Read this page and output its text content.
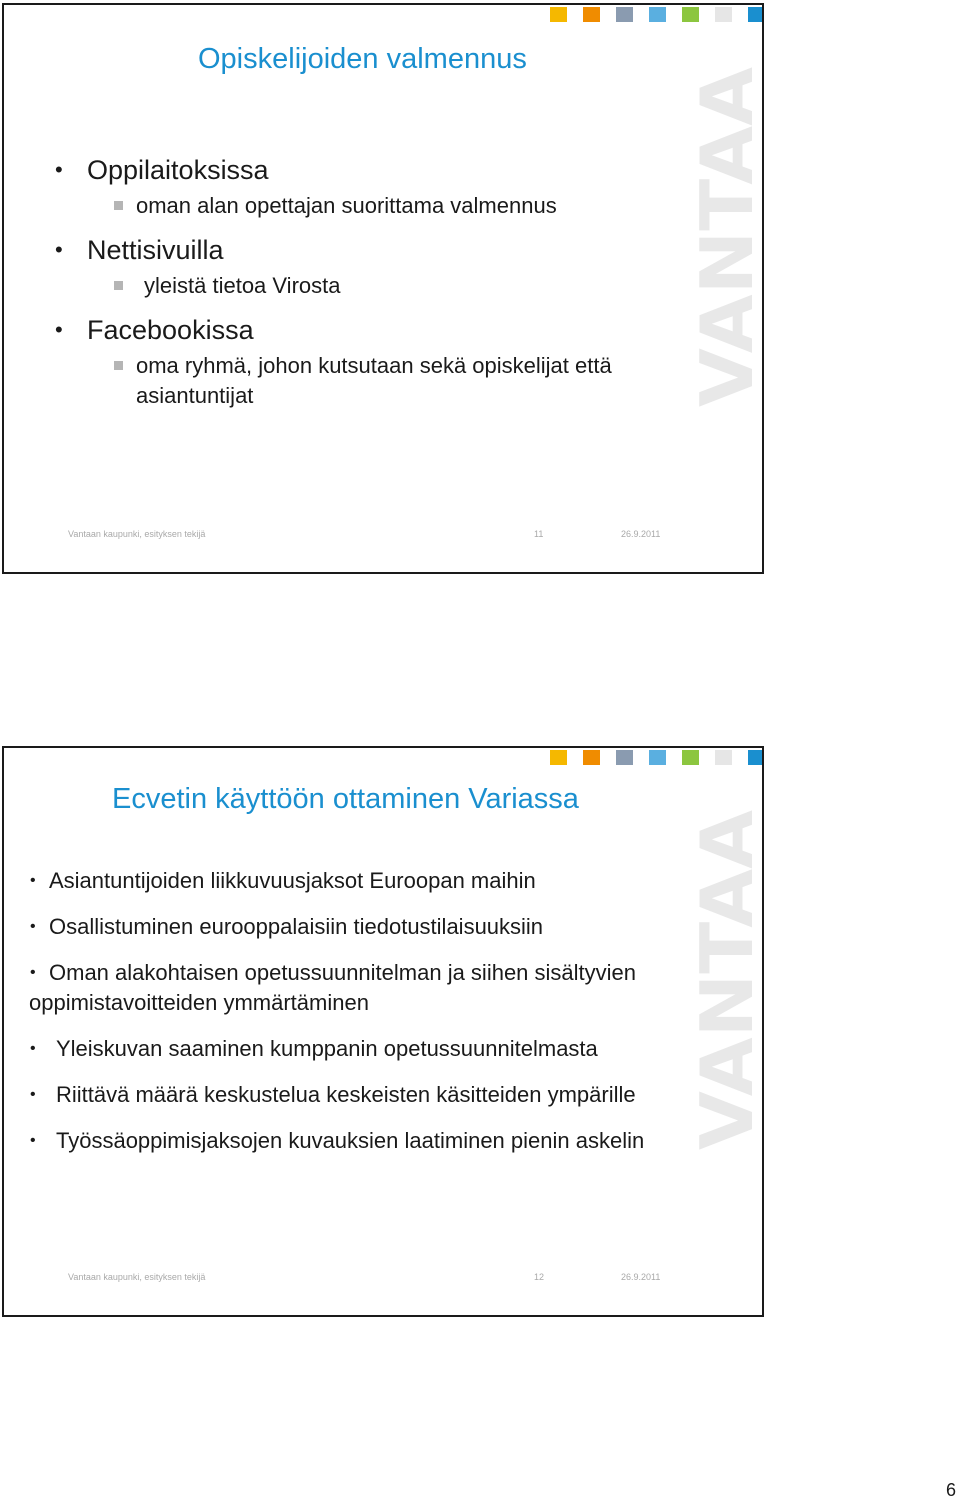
VANTAA
Opiskelijoiden valmennus
• Oppilaitoksissa
oman alan opettajan suorittama valmennus
• Nettisivuilla
yleistä tietoa Virosta
• Facebookissa
oma ryhmä, johon kutsutaan sekä opiskelijat että
asiantuntijat
Vantaan kaupunki, esityksen tekijä	11	26.9.2011
VANTAA
Ecvetin käyttöön ottaminen Variassa
• Asiantuntijoiden liikkuvuusjaksot Euroopan maihin
• Osallistuminen eurooppalaisiin tiedotustilaisuuksiin
• Oman alakohtaisen opetussuunnitelman ja siihen sisältyvien
oppimistavoitteiden ymmärtäminen
• Yleiskuvan saaminen kumppanin opetussuunnitelmasta
• Riittävä määrä keskustelua keskeisten käsitteiden ympärille
• Työssäoppimisjaksojen kuvauksien laatiminen pienin askelin
Vantaan kaupunki, esityksen tekijä	12	26.9.2011
6
